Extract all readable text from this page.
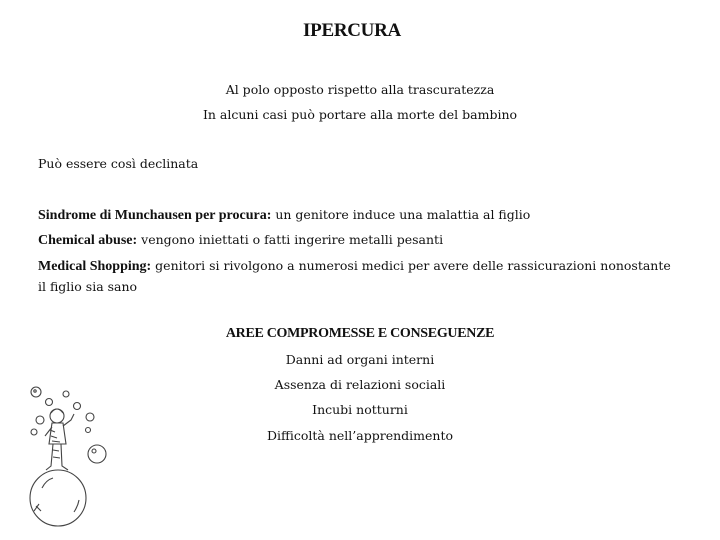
IPERCURA
Al polo opposto rispetto alla trascuratezza
In alcuni casi può portare alla morte del bambino
Può essere così declinata
Sindrome di Munchausen per procura: un genitore induce una malattia al figlio
Chemical abuse: vengono iniettati o fatti ingerire metalli pesanti
Medical Shopping: genitori si rivolgono a numerosi medici per avere delle rassicurazioni nonostante il figlio sia sano
AREE COMPROMESSE E CONSEGUENZE
Danni ad organi interni
Assenza di relazioni sociali
Incubi notturni
Difficoltà nell’apprendimento
